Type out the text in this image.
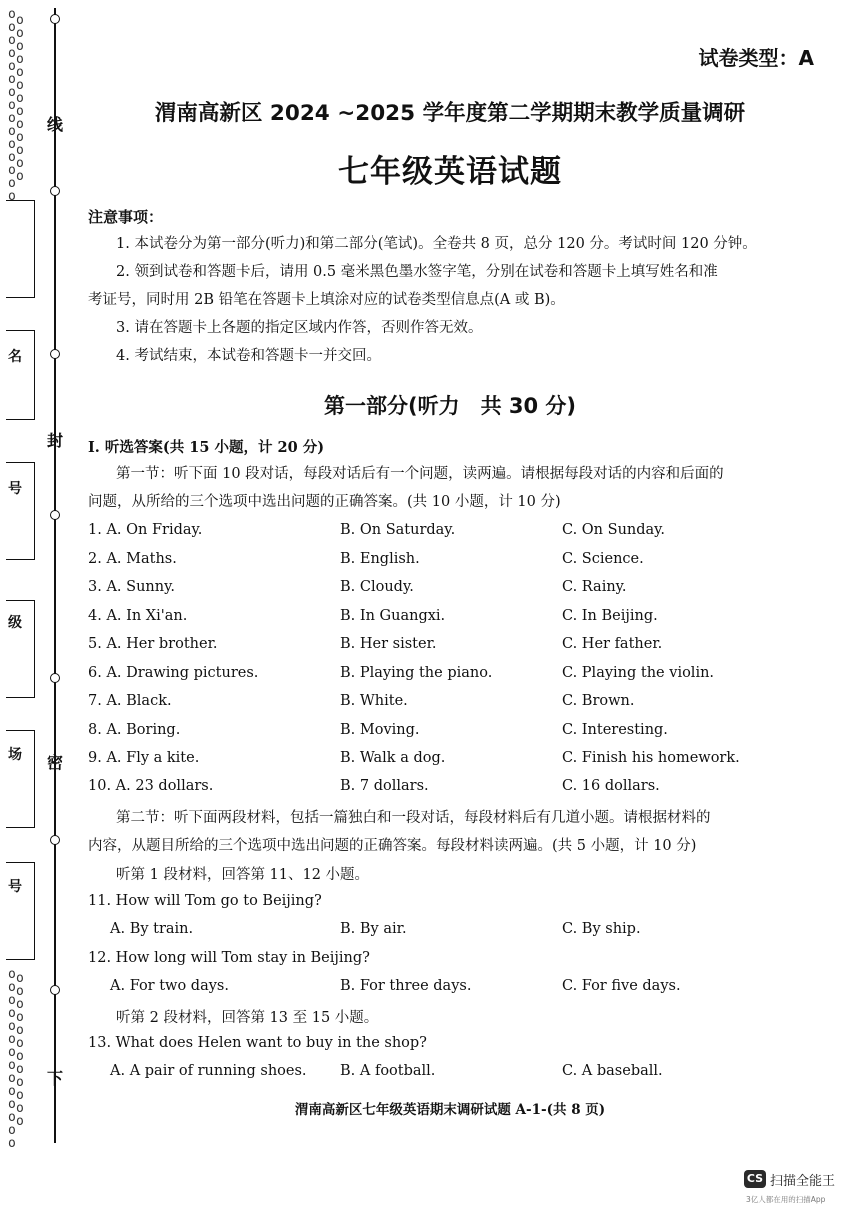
o
o
o
o
o
o
o
o
o
o
o
o
o
o
o
o
o
o
o
o
o
o
o
o
o
o
o
o
o
o
o
o
o
o
o
o
o
o
o
o
o
o
o
o
o
o
o
o
o
o
o
o
o
o
线
封
密
下
名
号
级
场
号
试卷类型：A
渭南高新区 2024 ~2025 学年度第二学期期末教学质量调研
七年级英语试题
注意事项：
1. 本试卷分为第一部分(听力)和第二部分(笔试)。全卷共 8 页，总分 120 分。考试时间 120 分钟。
2. 领到试卷和答题卡后，请用 0.5 毫米黑色墨水签字笔，分别在试卷和答题卡上填写姓名和准
考证号，同时用 2B 铅笔在答题卡上填涂对应的试卷类型信息点(A 或 B)。
3. 请在答题卡上各题的指定区域内作答，否则作答无效。
4. 考试结束，本试卷和答题卡一并交回。
第一部分(听力　共 30 分)
Ⅰ. 听选答案(共 15 小题，计 20 分)
第一节：听下面 10 段对话，每段对话后有一个问题，读两遍。请根据每段对话的内容和后面的
问题，从所给的三个选项中选出问题的正确答案。(共 10 小题，计 10 分)
1. A. On Friday.	B. On Saturday.	C. On Sunday.
2. A. Maths.	B. English.	C. Science.
3. A. Sunny.	B. Cloudy.	C. Rainy.
4. A. In Xi'an.	B. In Guangxi.	C. In Beijing.
5. A. Her brother.	B. Her sister.	C. Her father.
6. A. Drawing pictures.	B. Playing the piano.	C. Playing the violin.
7. A. Black.	B. White.	C. Brown.
8. A. Boring.	B. Moving.	C. Interesting.
9. A. Fly a kite.	B. Walk a dog.	C. Finish his homework.
10. A. 23 dollars.	B. 7 dollars.	C. 16 dollars.
第二节：听下面两段材料，包括一篇独白和一段对话，每段材料后有几道小题。请根据材料的
内容，从题目所给的三个选项中选出问题的正确答案。每段材料读两遍。(共 5 小题，计 10 分)
听第 1 段材料，回答第 11、12 小题。
11. How will Tom go to Beijing?
A. By train.	B. By air.	C. By ship.
12. How long will Tom stay in Beijing?
A. For two days.	B. For three days.	C. For five days.
听第 2 段材料，回答第 13 至 15 小题。
13. What does Helen want to buy in the shop?
A. A pair of running shoes. B. A football.	C. A baseball.
渭南高新区七年级英语期末调研试题 A-1-(共 8 页)
CS 扫描全能王
3亿人都在用的扫描App
